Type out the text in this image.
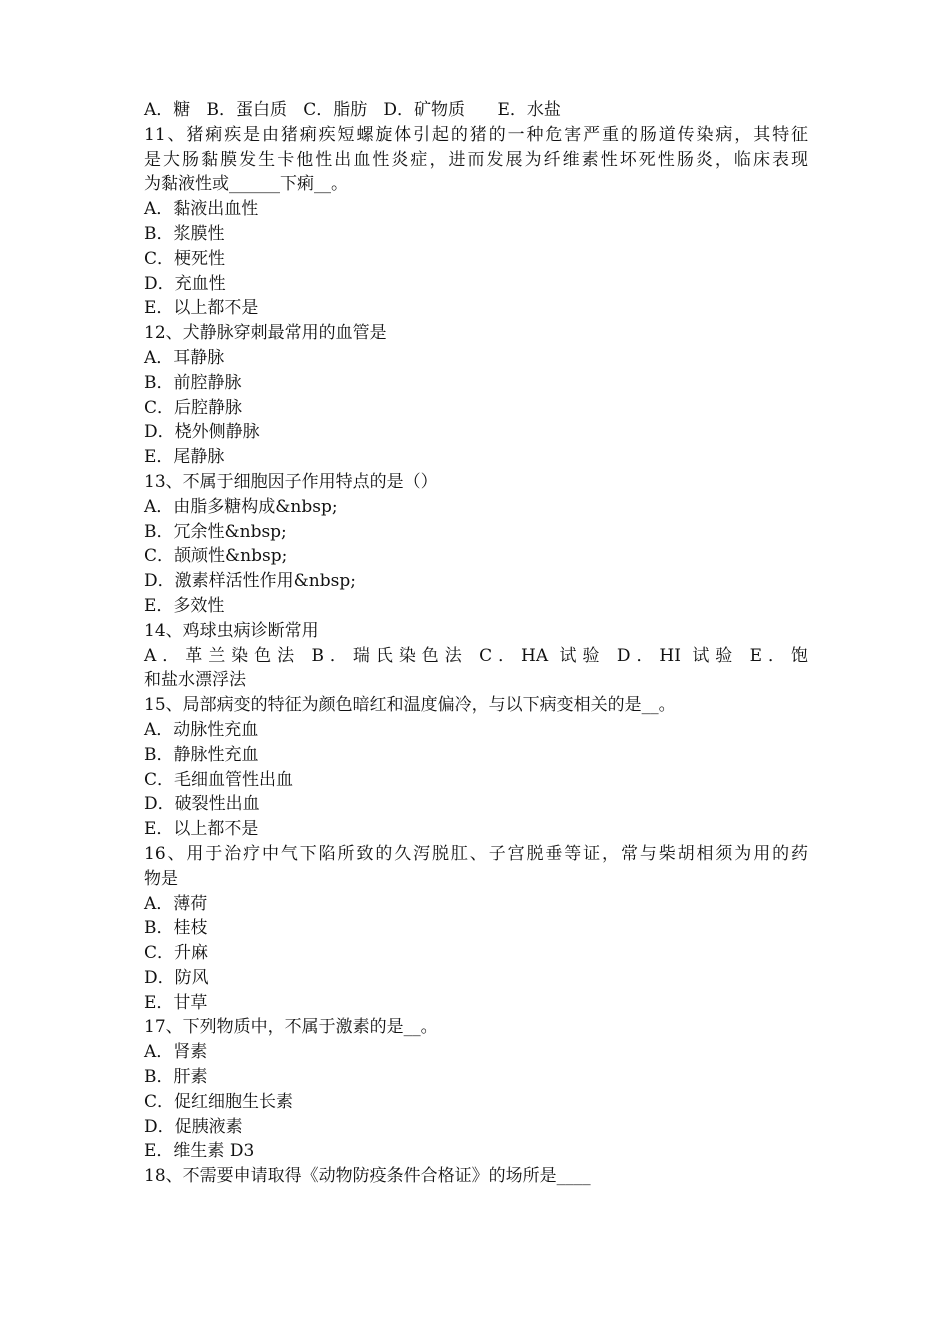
A．糖   B．蛋白质   C．脂肪   D．矿物质      E．水盐
11、猪痢疾是由猪痢疾短螺旋体引起的猪的一种危害严重的肠道传染病，其特征
是大肠黏膜发生卡他性出血性炎症，进而发展为纤维素性坏死性肠炎，临床表现
为黏液性或______下痢__。
A．黏液出血性
B．浆膜性
C．梗死性
D．充血性
E．以上都不是
12、犬静脉穿刺最常用的血管是
A．耳静脉
B．前腔静脉
C．后腔静脉
D．桡外侧静脉
E．尾静脉
13、不属于细胞因子作用特点的是（）
A．由脂多糖构成&nbsp;
B．冗余性&nbsp;
C．颉颃性&nbsp;
D．激素样活性作用&nbsp;
E．多效性
14、鸡球虫病诊断常用
A．革兰染色法 B．瑞氏染色法 C．HA 试验 D．HI 试验 E．饱
和盐水漂浮法
15、局部病变的特征为颜色暗红和温度偏冷，与以下病变相关的是__。
A．动脉性充血
B．静脉性充血
C．毛细血管性出血
D．破裂性出血
E．以上都不是
16、用于治疗中气下陷所致的久泻脱肛、子宫脱垂等证，常与柴胡相须为用的药
物是
A．薄荷
B．桂枝
C．升麻
D．防风
E．甘草
17、下列物质中，不属于激素的是__。
A．肾素
B．肝素
C．促红细胞生长素
D．促胰液素
E．维生素 D3
18、不需要申请取得《动物防疫条件合格证》的场所是____
